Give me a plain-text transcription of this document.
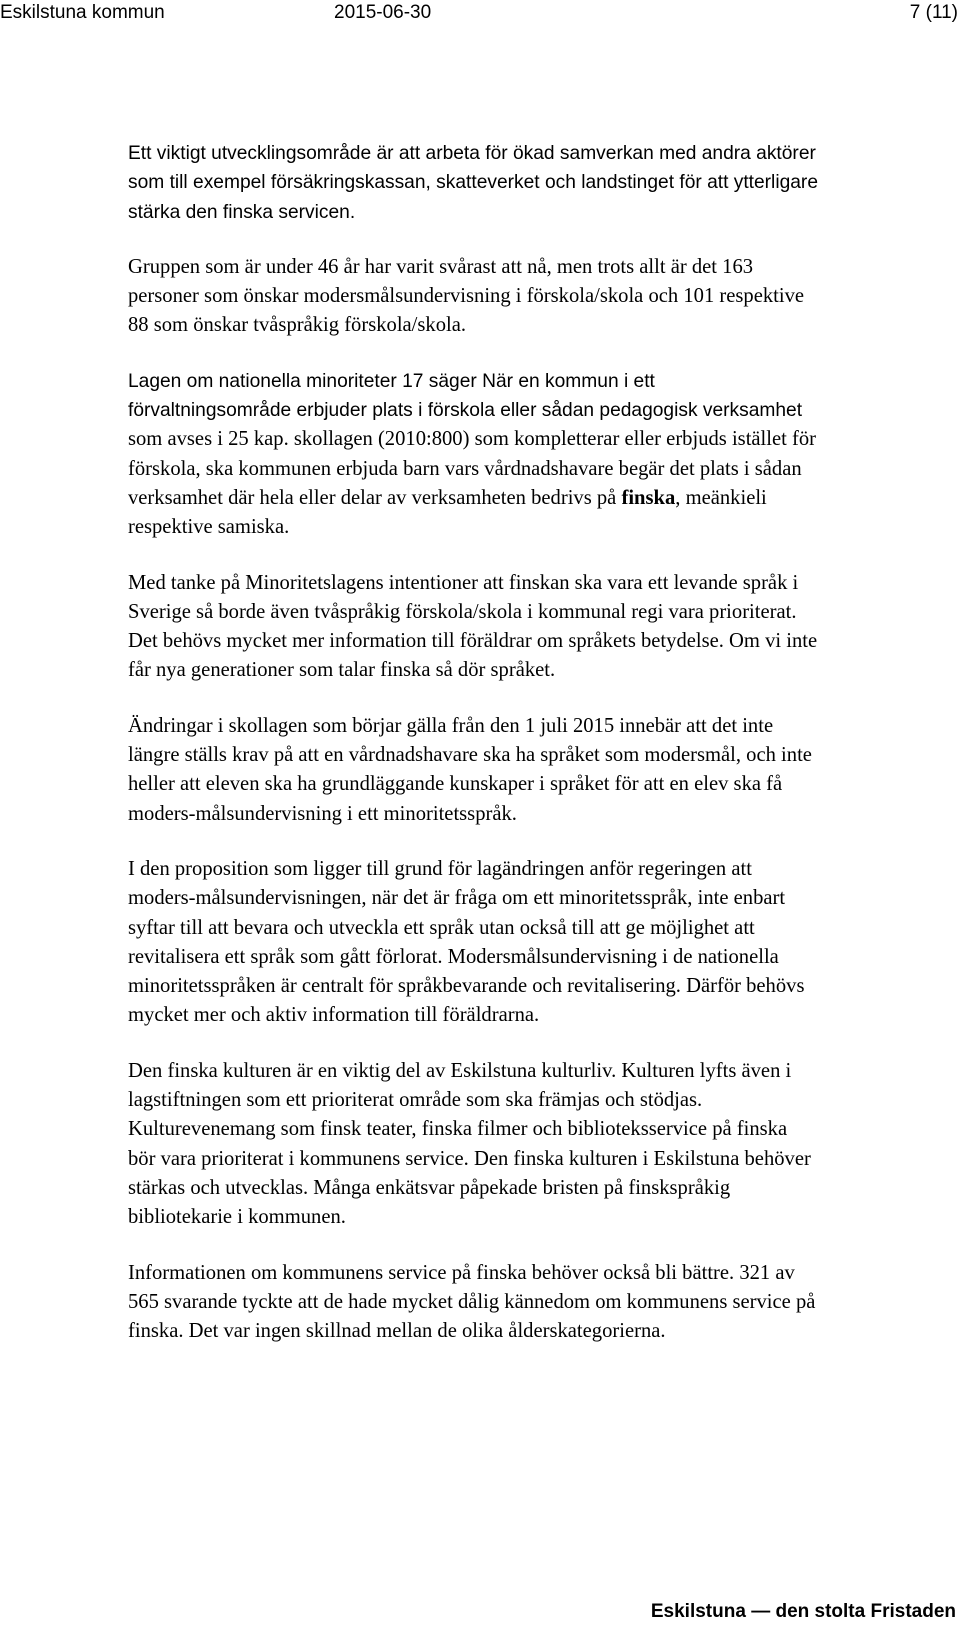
Eskilstuna kommun	2015-06-30	7 (11)

Ett viktigt utvecklingsområde är att arbeta för ökad samverkan med andra aktörer
som till exempel försäkringskassan, skatteverket och landstinget för att ytterligare
stärka den finska servicen.

Gruppen som är under 46 år har varit svårast att nå, men trots allt är det 163
personer som önskar modersmålsundervisning i förskola/skola och 101 respektive
88 som önskar tvåspråkig förskola/skola.

Lagen om nationella minoriteter 17 säger När en kommun i ett
förvaltningsområde erbjuder plats i förskola eller sådan pedagogisk verksamhet
som avses i 25 kap. skollagen (2010:800) som kompletterar eller erbjuds istället för
förskola, ska kommunen erbjuda barn vars vårdnadshavare begär det plats i sådan
verksamhet där hela eller delar av verksamheten bedrivs på finska, meänkieli
respektive samiska.

Med tanke på Minoritetslagens intentioner att finskan ska vara ett levande språk i
Sverige så borde även tvåspråkig förskola/skola i kommunal regi vara prioriterat.
Det behövs mycket mer information till föräldrar om språkets betydelse. Om vi inte
får nya generationer som talar finska så dör språket.

Ändringar i skollagen som börjar gälla från den 1 juli 2015 innebär att det inte
längre ställs krav på att en vårdnadshavare ska ha språket som modersmål, och inte
heller att eleven ska ha grundläggande kunskaper i språket för att en elev ska få
moders-målsundervisning i ett minoritetsspråk.

I den proposition som ligger till grund för lagändringen anför regeringen att
moders-målsundervisningen, när det är fråga om ett minoritetsspråk, inte enbart
syftar till att bevara och utveckla ett språk utan också till att ge möjlighet att
revitalisera ett språk som gått förlorat. Modersmålsundervisning i de nationella
minoritetsspråken är centralt för språkbevarande och revitalisering. Därför behövs
mycket mer och aktiv information till föräldrarna.

Den finska kulturen är en viktig del av Eskilstuna kulturliv. Kulturen lyfts även i
lagstiftningen som ett prioriterat område som ska främjas och stödjas.
Kulturevenemang som finsk teater, finska filmer och biblioteksservice på finska
bör vara prioriterat i kommunens service. Den finska kulturen i Eskilstuna behöver
stärkas och utvecklas. Många enkätsvar påpekade bristen på finskspråkig
bibliotekarie i kommunen.

Informationen om kommunens service på finska behöver också bli bättre. 321 av
565 svarande tyckte att de hade mycket dålig kännedom om kommunens service på
finska. Det var ingen skillnad mellan de olika ålderskategorierna.

Eskilstuna — den stolta Fristaden
